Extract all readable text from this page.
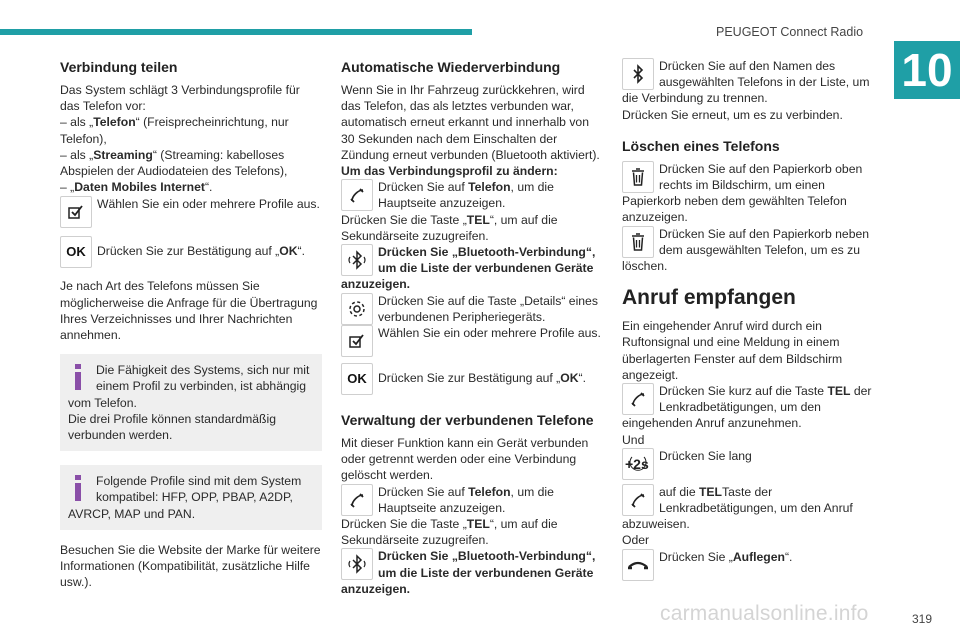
PEUGEOT Connect Radio
10
Verbindung teilen

Das System schlägt 3 Verbindungsprofile für das Telefon vor:

– als „Telefon“ (Freisprecheinrichtung, nur Telefon),

– als „Streaming“ (Streaming: kabelloses Abspielen der Audiodateien des Telefons),

– „Daten Mobiles Internet“.

Wählen Sie ein oder mehrere Profile aus.

OK Drücken Sie zur Bestätigung auf „OK“.

Je nach Art des Telefons müssen Sie möglicherweise die Anfrage für die Übertragung Ihres Verzeichnisses und Ihrer Nachrichten annehmen.

Die Fähigkeit des Systems, sich nur mit einem Profil zu verbinden, ist abhängig vom Telefon.
Die drei Profile können standardmäßig verbunden werden.

Folgende Profile sind mit dem System kompatibel: HFP, OPP, PBAP, A2DP, AVRCP, MAP und PAN.

Besuchen Sie die Website der Marke für weitere Informationen (Kompatibilität, zusätzliche Hilfe usw.).

Automatische Wiederverbindung

Wenn Sie in Ihr Fahrzeug zurückkehren, wird das Telefon, das als letztes verbunden war, automatisch erneut erkannt und innerhalb von 30 Sekunden nach dem Einschalten der Zündung erneut verbunden (Bluetooth aktiviert).

Um das Verbindungsprofil zu ändern:

Drücken Sie auf Telefon, um die Hauptseite anzuzeigen.

Drücken Sie die Taste „TEL“, um auf die Sekundärseite zuzugreifen.

Drücken Sie „Bluetooth-Verbindung“, um die Liste der verbundenen Geräte anzuzeigen.

Drücken Sie auf die Taste „Details“ eines verbundenen Peripheriegeräts.

Wählen Sie ein oder mehrere Profile aus.

OK Drücken Sie zur Bestätigung auf „OK“.

Verwaltung der verbundenen Telefone

Mit dieser Funktion kann ein Gerät verbunden oder getrennt werden oder eine Verbindung gelöscht werden.

Drücken Sie auf Telefon, um die Hauptseite anzuzeigen.

Drücken Sie die Taste „TEL“, um auf die Sekundärseite zuzugreifen.

Drücken Sie „Bluetooth-Verbindung“, um die Liste der verbundenen Geräte anzuzeigen.

Drücken Sie auf den Namen des ausgewählten Telefons in der Liste, um die Verbindung zu trennen.

Drücken Sie erneut, um es zu verbinden.

Löschen eines Telefons

Drücken Sie auf den Papierkorb oben rechts im Bildschirm, um einen Papierkorb neben dem gewählten Telefon anzuzeigen.

Drücken Sie auf den Papierkorb neben dem ausgewählten Telefon, um es zu löschen.

Anruf empfangen

Ein eingehender Anruf wird durch ein Ruftonsignal und eine Meldung in einem überlagerten Fenster auf dem Bildschirm angezeigt.

Drücken Sie kurz auf die Taste TEL der Lenkradbetätigungen, um den eingehenden Anruf anzunehmen.

Und

+2s Drücken Sie lang

auf die TELTaste der Lenkradbetätigungen, um den Anruf abzuweisen.

Oder

Drücken Sie „Auflegen“.

carmanualsonline.info	319
